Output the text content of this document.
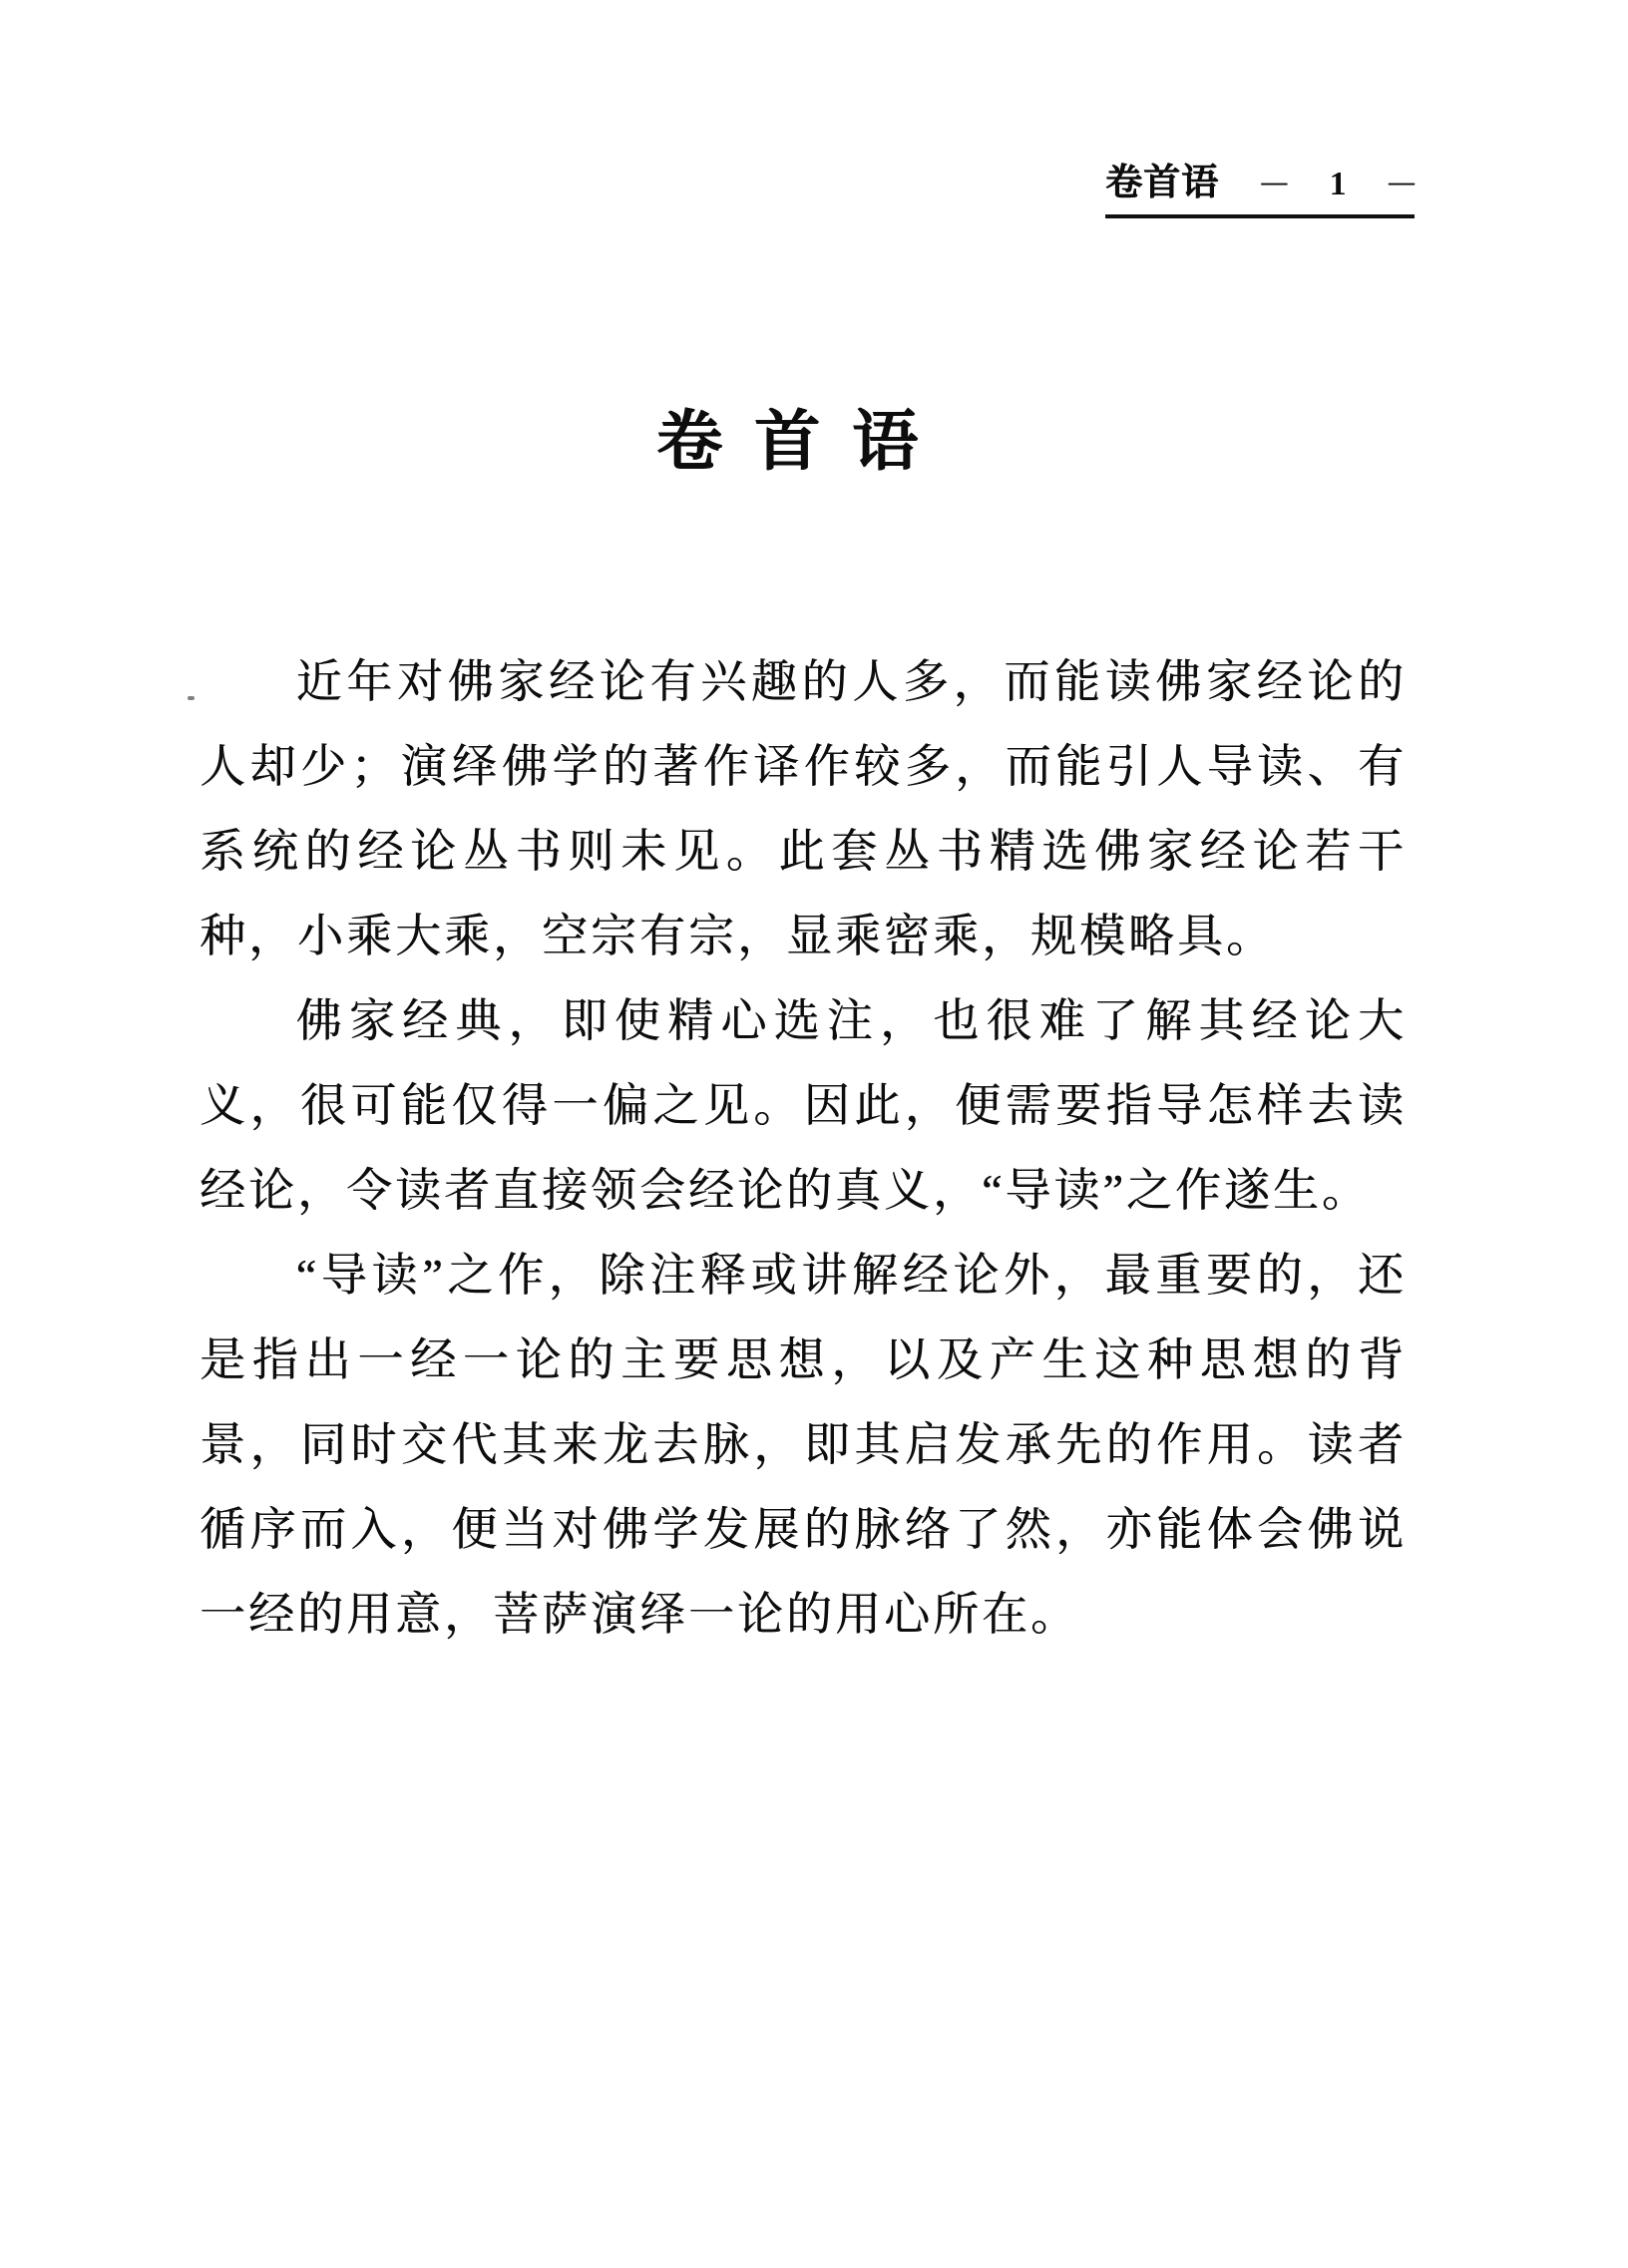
卷首语 — 1 —
卷首语

近年对佛家经论有兴趣的人多，而能读佛家经论的人却少；演绎佛学的著作译作较多，而能引人导读、有系统的经论丛书则未见。此套丛书精选佛家经论若干种，小乘大乘，空宗有宗，显乘密乘，规模略具。

佛家经典，即使精心选注，也很难了解其经论大义，很可能仅得一偏之见。因此，便需要指导怎样去读经论，令读者直接领会经论的真义，“导读”之作遂生。

“导读”之作，除注释或讲解经论外，最重要的，还是指出一经一论的主要思想，以及产生这种思想的背景，同时交代其来龙去脉，即其启发承先的作用。读者循序而入，便当对佛学发展的脉络了然，亦能体会佛说一经的用意，菩萨演绎一论的用心所在。
